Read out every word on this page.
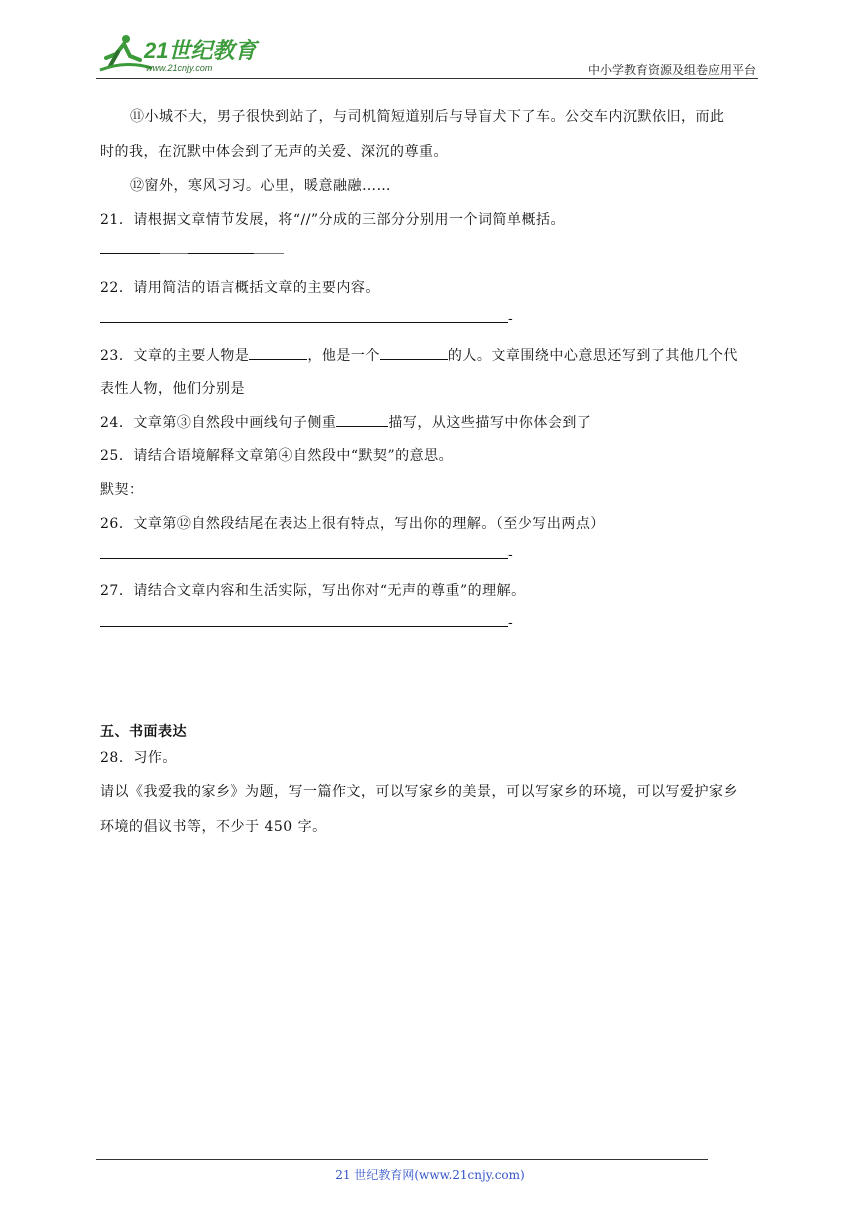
21世纪教育
www.21cnjy.com	中小学教育资源及组卷应用平台
⑪小城不大，男子很快到站了，与司机简短道别后与导盲犬下了车。公交车内沉默依旧，而此
时的我，在沉默中体会到了无声的关爱、深沉的尊重。
⑫窗外，寒风习习。心里，暖意融融……
21．请根据文章情节发展，将“//”分成的三部分分别用一个词简单概括。
22．请用简洁的语言概括文章的主要内容。
-
23．文章的主要人物是	，他是一个	的人。文章围绕中心意思还写到了其他几个代
表性人物，他们分别是
24．文章第③自然段中画线句子侧重	描写，从这些描写中你体会到了
25．请结合语境解释文章第④自然段中“默契”的意思。
默契：
26．文章第⑫自然段结尾在表达上很有特点，写出你的理解。（至少写出两点）
-
27．请结合文章内容和生活实际，写出你对“无声的尊重”的理解。
-
五、书面表达
28．习作。
请以《我爱我的家乡》为题，写一篇作文，可以写家乡的美景，可以写家乡的环境，可以写爱护家乡
环境的倡议书等，不少于 450 字。
21 世纪教育网(www.21cnjy.com)
